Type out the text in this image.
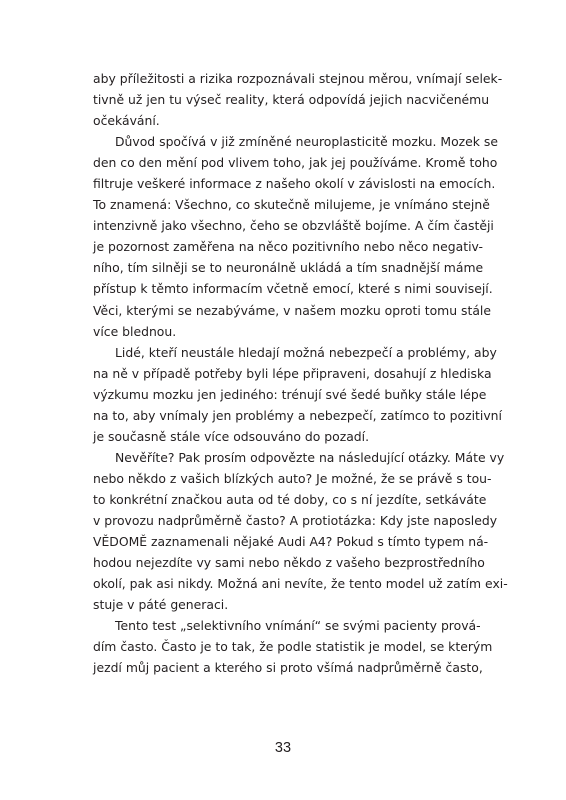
aby příležitosti a rizika rozpoznávali stejnou měrou, vnímají selek-
tivně už jen tu výseč reality, která odpovídá jejich nacvičenému
očekávání.
Důvod spočívá v již zmíněné neuroplasticitě mozku. Mozek se
den co den mění pod vlivem toho, jak jej používáme. Kromě toho
filtruje veškeré informace z našeho okolí v závislosti na emocích.
To znamená: Všechno, co skutečně milujeme, je vnímáno stejně
intenzivně jako všechno, čeho se obzvláště bojíme. A čím častěji
je pozornost zaměřena na něco pozitivního nebo něco negativ-
ního, tím silněji se to neuronálně ukládá a tím snadnější máme
přístup k těmto informacím včetně emocí, které s nimi souvisejí.
Věci, kterými se nezabýváme, v našem mozku oproti tomu stále
více blednou.
Lidé, kteří neustále hledají možná nebezpečí a problémy, aby
na ně v případě potřeby byli lépe připraveni, dosahují z hlediska
výzkumu mozku jen jediného: trénují své šedé buňky stále lépe
na to, aby vnímaly jen problémy a nebezpečí, zatímco to pozitivní
je současně stále více odsouváno do pozadí.
Nevěříte? Pak prosím odpovězte na následující otázky. Máte vy
nebo někdo z vašich blízkých auto? Je možné, že se právě s tou-
to konkrétní značkou auta od té doby, co s ní jezdíte, setkáváte
v provozu nadprůměrně často? A protiotázka: Kdy jste naposledy
VĚDOMĚ zaznamenali nějaké Audi A4? Pokud s tímto typem ná-
hodou nejezdíte vy sami nebo někdo z vašeho bezprostředního
okolí, pak asi nikdy. Možná ani nevíte, že tento model už zatím exi-
stuje v páté generaci.
Tento test „selektivního vnímání“ se svými pacienty prová-
dím často. Často je to tak, že podle statistik je model, se kterým
jezdí můj pacient a kterého si proto všímá nadprůměrně často,
33
